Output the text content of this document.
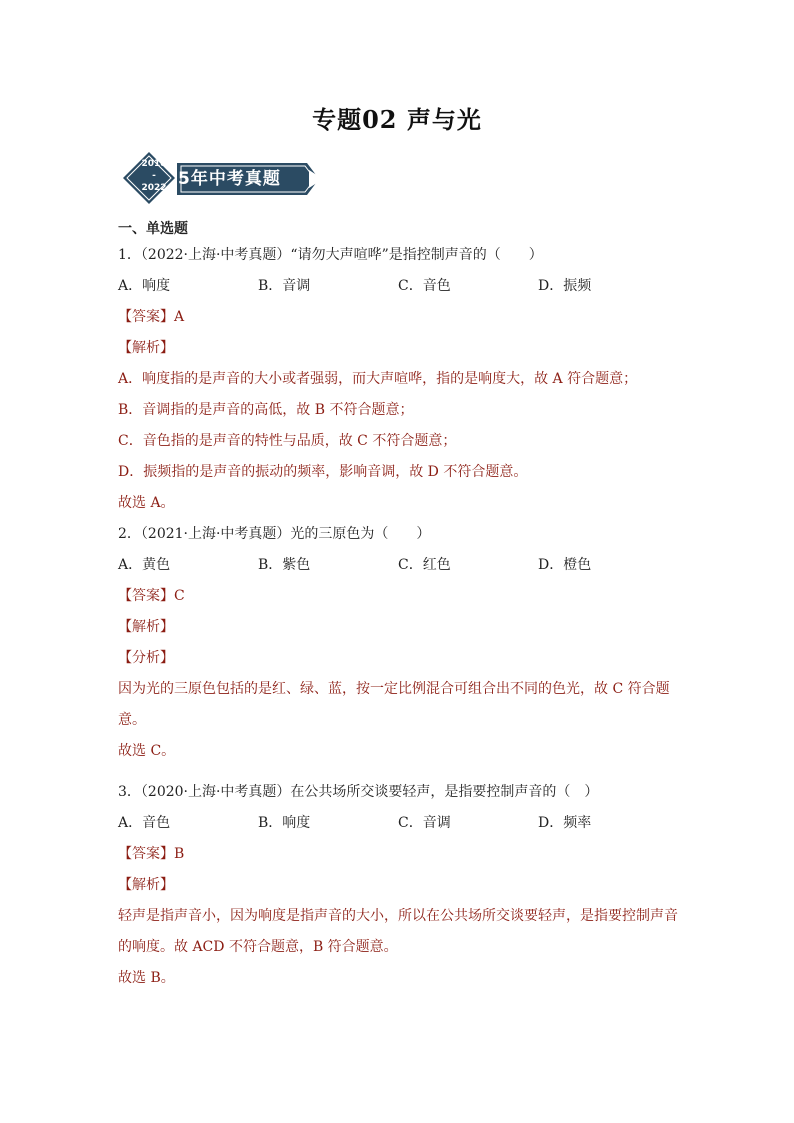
专题02 声与光
2018
-
2022 5年中考真题
一、单选题
1．（2022·上海·中考真题）“请勿大声喧哗”是指控制声音的（　　）
A．响度	B．音调	C．音色	D．振频
【答案】A
【解析】
A．响度指的是声音的大小或者强弱，而大声喧哗，指的是响度大，故 A 符合题意；
B．音调指的是声音的高低，故 B 不符合题意；
C．音色指的是声音的特性与品质，故 C 不符合题意；
D．振频指的是声音的振动的频率，影响音调，故 D 不符合题意。
故选 A。
2．（2021·上海·中考真题）光的三原色为（　　）
A．黄色	B．紫色	C．红色	D．橙色
【答案】C
【解析】
【分析】
因为光的三原色包括的是红、绿、蓝，按一定比例混合可组合出不同的色光，故 C 符合题意。
故选 C。
3．（2020·上海·中考真题）在公共场所交谈要轻声，是指要控制声音的（　）
A．音色	B．响度	C．音调	D．频率
【答案】B
【解析】
轻声是指声音小，因为响度是指声音的大小，所以在公共场所交谈要轻声，是指要控制声音的响度。故 ACD 不符合题意，B 符合题意。
故选 B。
